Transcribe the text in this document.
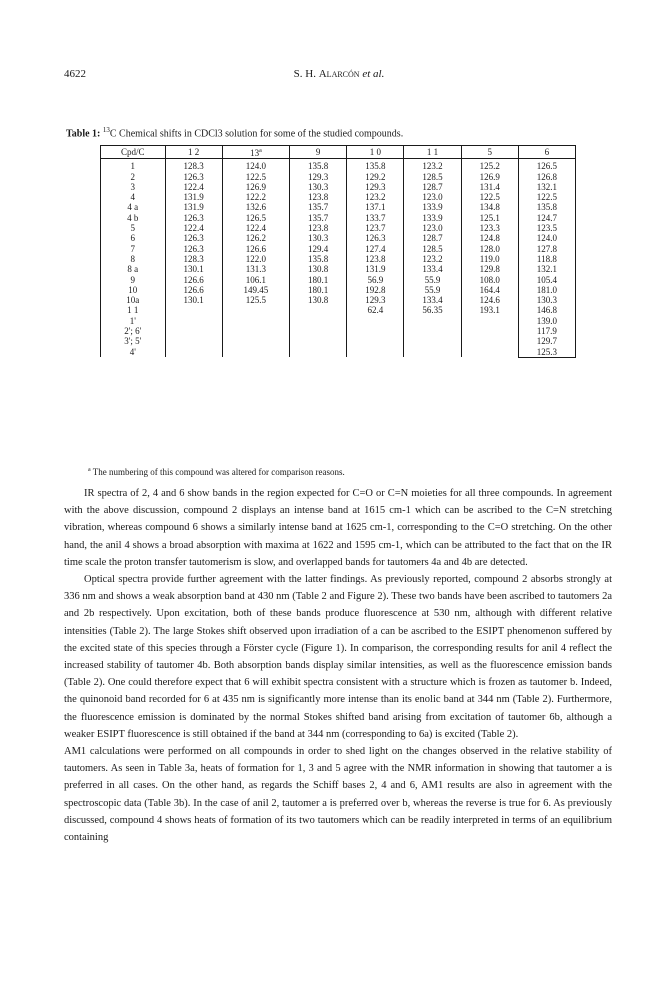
4622	S. H. Alarcón et al.
Table 1: $^{13}$C Chemical shifts in CDCl3 solution for some of the studied compounds.
Cpd/C	1 2	13$^a$	9	1 0	1 1	5	6
1	128.3	124.0	135.8	135.8	123.2	125.2	126.5
2	126.3	122.5	129.3	129.2	128.5	126.9	126.8
3	122.4	126.9	130.3	129.3	128.7	131.4	132.1
4	131.9	122.2	123.8	123.2	123.0	122.5	122.5
4 a	131.9	132.6	135.7	137.1	133.9	134.8	135.8
4 b	126.3	126.5	135.7	133.7	133.9	125.1	124.7
5	122.4	122.4	123.8	123.7	123.0	123.3	123.5
6	126.3	126.2	130.3	126.3	128.7	124.8	124.0
7	126.3	126.6	129.4	127.4	128.5	128.0	127.8
8	128.3	122.0	135.8	123.8	123.2	119.0	118.8
8 a	130.1	131.3	130.8	131.9	133.4	129.8	132.1
9	126.6	106.1	180.1	56.9	55.9	108.0	105.4
10	126.6	149.45	180.1	192.8	55.9	164.4	181.0
10a	130.1	125.5	130.8	129.3	133.4	124.6	130.3
1 1				62.4	56.35	193.1	146.8
1'							139.0
2'; 6'							117.9
3'; 5'							129.7
4'							125.3
$^a$ The numbering of this compound was altered for comparison reasons.

IR spectra of 2, 4 and 6 show bands in the region expected for C=O or C=N moieties for all three compounds. In agreement with the above discussion, compound 2 displays an intense band at 1615 cm-1 which can be ascribed to the C=N stretching vibration, whereas compound 6 shows a similarly intense band at 1625 cm-1, corresponding to the C=O stretching. On the other hand, the anil 4 shows a broad absorption with maxima at 1622 and 1595 cm-1, which can be attributed to the fact that on the IR time scale the proton transfer tautomerism is slow, and overlapped bands for tautomers 4a and 4b are detected.

Optical spectra provide further agreement with the latter findings. As previously reported, compound 2 absorbs strongly at 336 nm and shows a weak absorption band at 430 nm (Table 2 and Figure 2). These two bands have been ascribed to tautomers 2a and 2b respectively. Upon excitation, both of these bands produce fluorescence at 530 nm, although with different relative intensities (Table 2). The large Stokes shift observed upon irradiation of a can be ascribed to the ESIPT phenomenon suffered by the excited state of this species through a Förster cycle (Figure 1). In comparison, the corresponding results for anil 4 reflect the increased stability of tautomer 4b. Both absorption bands display similar intensities, as well as the fluorescence emission bands (Table 2). One could therefore expect that 6 will exhibit spectra consistent with a structure which is frozen as tautomer b. Indeed, the quinonoid band recorded for 6 at 435 nm is significantly more intense than its enolic band at 344 nm (Table 2). Furthermore, the fluorescence emission is dominated by the normal Stokes shifted band arising from excitation of tautomer 6b, although a weaker ESIPT fluorescence is still obtained if the band at 344 nm (corresponding to 6a) is excited (Table 2).

AM1 calculations were performed on all compounds in order to shed light on the changes observed in the relative stability of tautomers. As seen in Table 3a, heats of formation for 1, 3 and 5 agree with the NMR information in showing that tautomer a is preferred in all cases. On the other hand, as regards the Schiff bases 2, 4 and 6, AM1 results are also in agreement with the spectroscopic data (Table 3b). In the case of anil 2, tautomer a is preferred over b, whereas the reverse is true for 6. As previously discussed, compound 4 shows heats of formation of its two tautomers which can be readily interpreted in terms of an equilibrium containing
